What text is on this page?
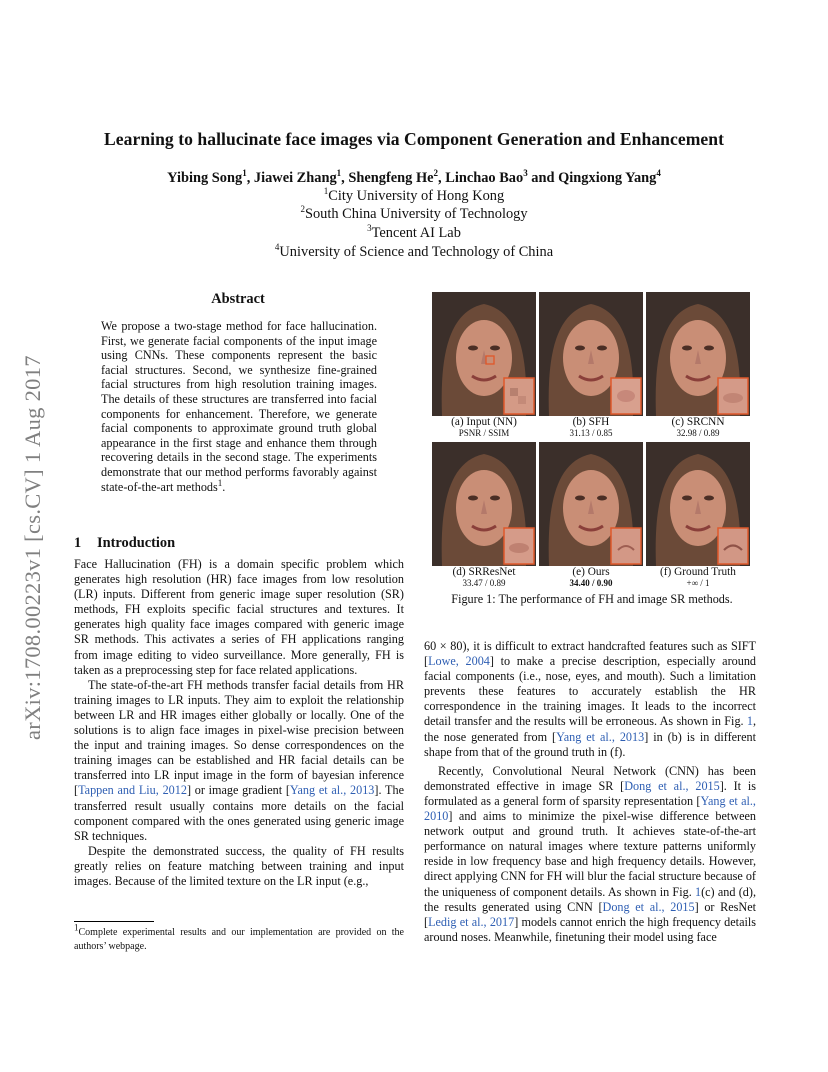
Learning to hallucinate face images via Component Generation and Enhancement
Yibing Song$^1$, Jiawei Zhang$^1$, Shengfeng He$^2$, Linchao Bao$^3$ and Qingxiong Yang$^4$
$^1$City University of Hong Kong
$^2$South China University of Technology
$^3$Tencent AI Lab
$^4$University of Science and Technology of China
arXiv:1708.00223v1 [cs.CV] 1 Aug 2017
Abstract
We propose a two-stage method for face hallucination. First, we generate facial components of the input image using CNNs. These components represent the basic facial structures. Second, we synthesize fine-grained facial structures from high resolution training images. The details of these structures are transferred into facial components for enhancement. Therefore, we generate facial components to approximate ground truth global appearance in the first stage and enhance them through recovering details in the second stage. The experiments demonstrate that our method performs favorably against state-of-the-art methods$^1$.
1 Introduction

Face Hallucination (FH) is a domain specific problem which generates high resolution (HR) face images from low resolution (LR) inputs. Different from generic image super resolution (SR) methods, FH exploits specific facial structures and textures. It generates high quality face images compared with generic image SR methods. This activates a series of FH applications ranging from image editing to video surveillance. More generally, FH is taken as a preprocessing step for face related applications.

The state-of-the-art FH methods transfer facial details from HR training images to LR inputs. They aim to exploit the relationship between LR and HR images either globally or locally. One of the solutions is to align face images in pixel-wise precision between the input and training images. So dense correspondences on the training images can be established and HR facial details can be transferred into LR input image in the form of bayesian inference [Tappen and Liu, 2012] or image gradient [Yang et al., 2013]. The transferred result usually contains more details on the facial component compared with the ones generated using generic image SR techniques.

Despite the demonstrated success, the quality of FH results greatly relies on feature matching between training and input images. Because of the limited texture on the LR input (e.g.,

$^1$Complete experimental results and our implementation are provided on the authors’ webpage.
(a) Input (NN)
PSNR / SSIM
(b) SFH
31.13 / 0.85
(c) SRCNN
32.98 / 0.89
(d) SRResNet
33.47 / 0.89
(e) Ours
34.40 / 0.90
(f) Ground Truth
+∞ / 1
Figure 1: The performance of FH and image SR methods.

60 × 80), it is difficult to extract handcrafted features such as SIFT [Lowe, 2004] to make a precise description, especially around facial components (i.e., nose, eyes, and mouth). Such a limitation prevents these features to accurately establish the HR correspondence in the training images. It leads to the incorrect detail transfer and the results will be erroneous. As shown in Fig. 1, the nose generated from [Yang et al., 2013] in (b) is in different shape from that of the ground truth in (f).

Recently, Convolutional Neural Network (CNN) has been demonstrated effective in image SR [Dong et al., 2015]. It is formulated as a general form of sparsity representation [Yang et al., 2010] and aims to minimize the pixel-wise difference between network output and ground truth. It achieves state-of-the-art performance on natural images where texture patterns uniformly reside in low frequency base and high frequency details. However, direct applying CNN for FH will blur the facial structure because of the uniqueness of component details. As shown in Fig. 1(c) and (d), the results generated using CNN [Dong et al., 2015] or ResNet [Ledig et al., 2017] models cannot enrich the high frequency details around noses. Meanwhile, finetuning their model using face
